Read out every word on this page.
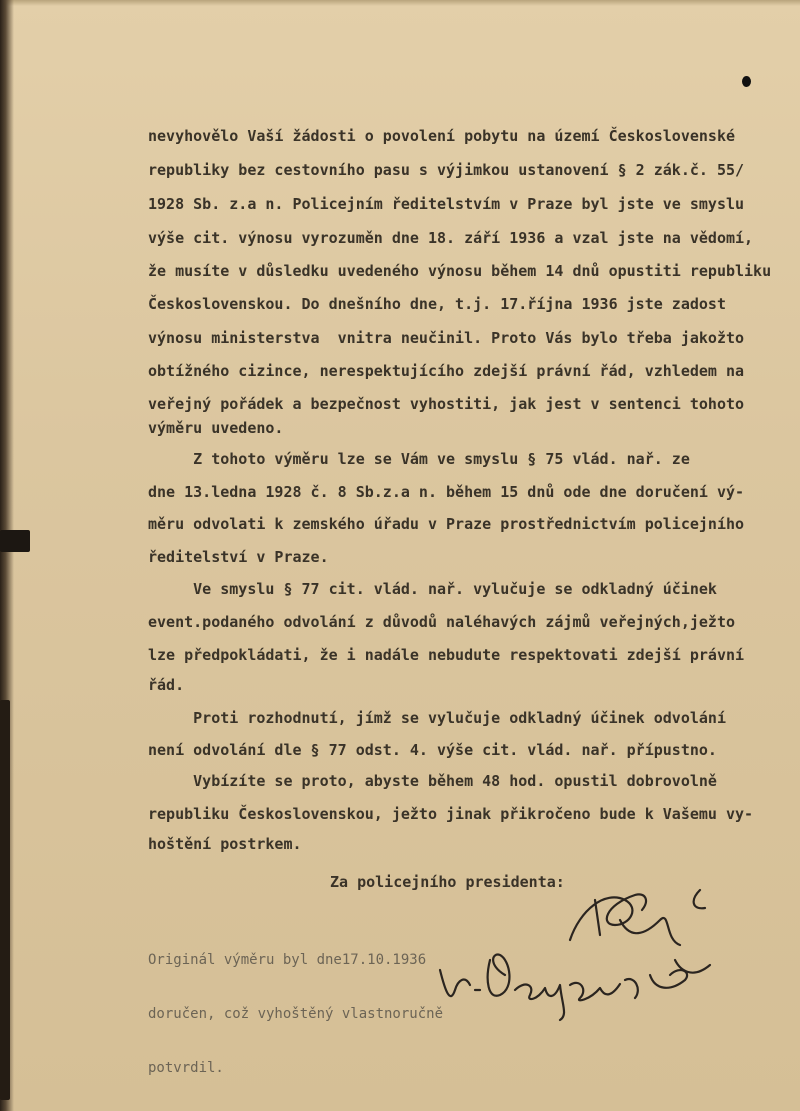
nevyhovělo Vaší žádosti o povolení pobytu na území Československé
republiky bez cestovního pasu s výjimkou ustanovení § 2 zák.č. 55/
1928 Sb. z.a n. Policejním ředitelstvím v Praze byl jste ve smyslu
výše cit. výnosu vyrozuměn dne 18. září 1936 a vzal jste na vědomí,
že musíte v důsledku uvedeného výnosu během 14 dnů opustiti republiku
Československou. Do dnešního dne, t.j. 17.října 1936 jste zadost
výnosu ministerstva  vnitra neučinil. Proto Vás bylo třeba jakožto
obtížného cizince, nerespektujícího zdejší právní řád, vzhledem na
veřejný pořádek a bezpečnost vyhostiti, jak jest v sentenci tohoto
výměru uvedeno.
Z tohoto výměru lze se Vám ve smyslu § 75 vlád. nař. ze
dne 13.ledna 1928 č. 8 Sb.z.a n. během 15 dnů ode dne doručení vý-
měru odvolati k zemského úřadu v Praze prostřednictvím policejního
ředitelství v Praze.
Ve smyslu § 77 cit. vlád. nař. vylučuje se odkladný účinek
event.podaného odvolání z důvodů naléhavých zájmů veřejných,ježto
lze předpokládati, že i nadále nebudute respektovati zdejší právní
řád.
Proti rozhodnutí, jímž se vylučuje odkladný účinek odvolání
není odvolání dle § 77 odst. 4. výše cit. vlád. nař. přípustno.
Vybízíte se proto, abyste během 48 hod. opustil dobrovolně
republiku Československou, ježto jinak přikročeno bude k Vašemu vy-
hoštění postrkem.
Za policejního presidenta:

Originál výměru byl dne17.10.1936

doručen, což vyhoštěný vlastnoručně

potvrdil.
